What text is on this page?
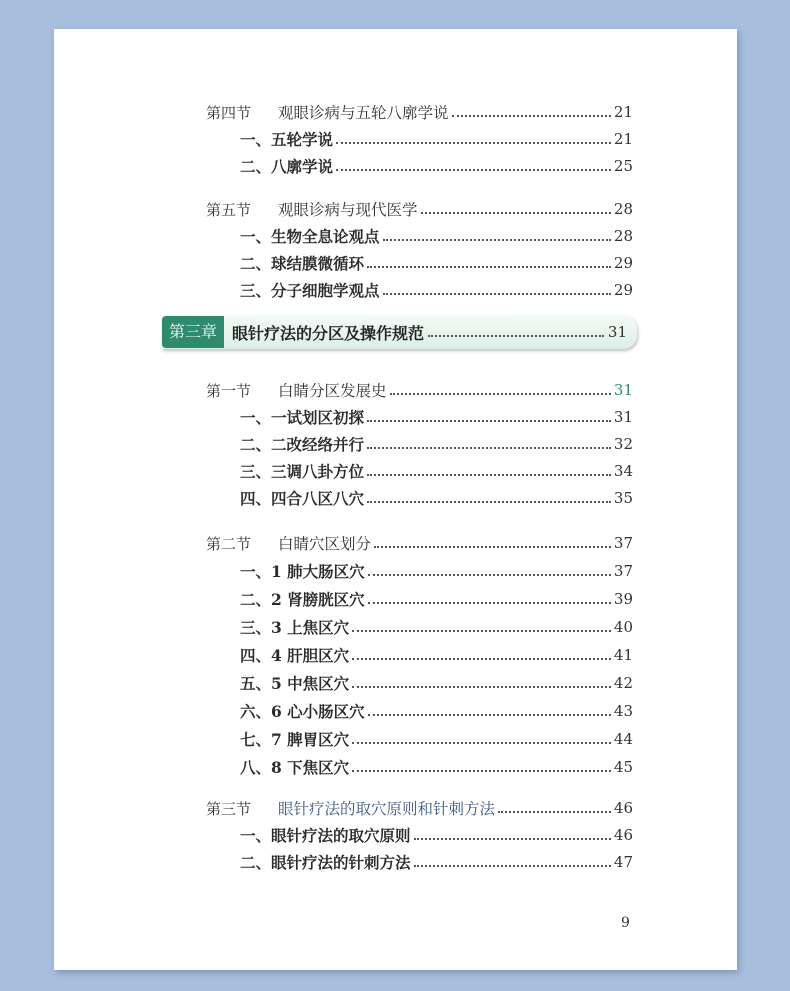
第四节	观眼诊病与五轮八廓学说	21
一、五轮学说	21
二、八廓学说	25
第五节	观眼诊病与现代医学	28
一、生物全息论观点	28
二、球结膜微循环	29
三、分子细胞学观点	29
第三章 眼针疗法的分区及操作规范	31
第一节	白睛分区发展史	31
一、一试划区初探	31
二、二改经络并行	32
三、三调八卦方位	34
四、四合八区八穴	35
第二节	白睛穴区划分	37
一、1 肺大肠区穴	37
二、2 肾膀胱区穴	39
三、3 上焦区穴	40
四、4 肝胆区穴	41
五、5 中焦区穴	42
六、6 心小肠区穴	43
七、7 脾胃区穴	44
八、8 下焦区穴	45
第三节	眼针疗法的取穴原则和针刺方法	46
一、眼针疗法的取穴原则	46
二、眼针疗法的针刺方法	47
9
